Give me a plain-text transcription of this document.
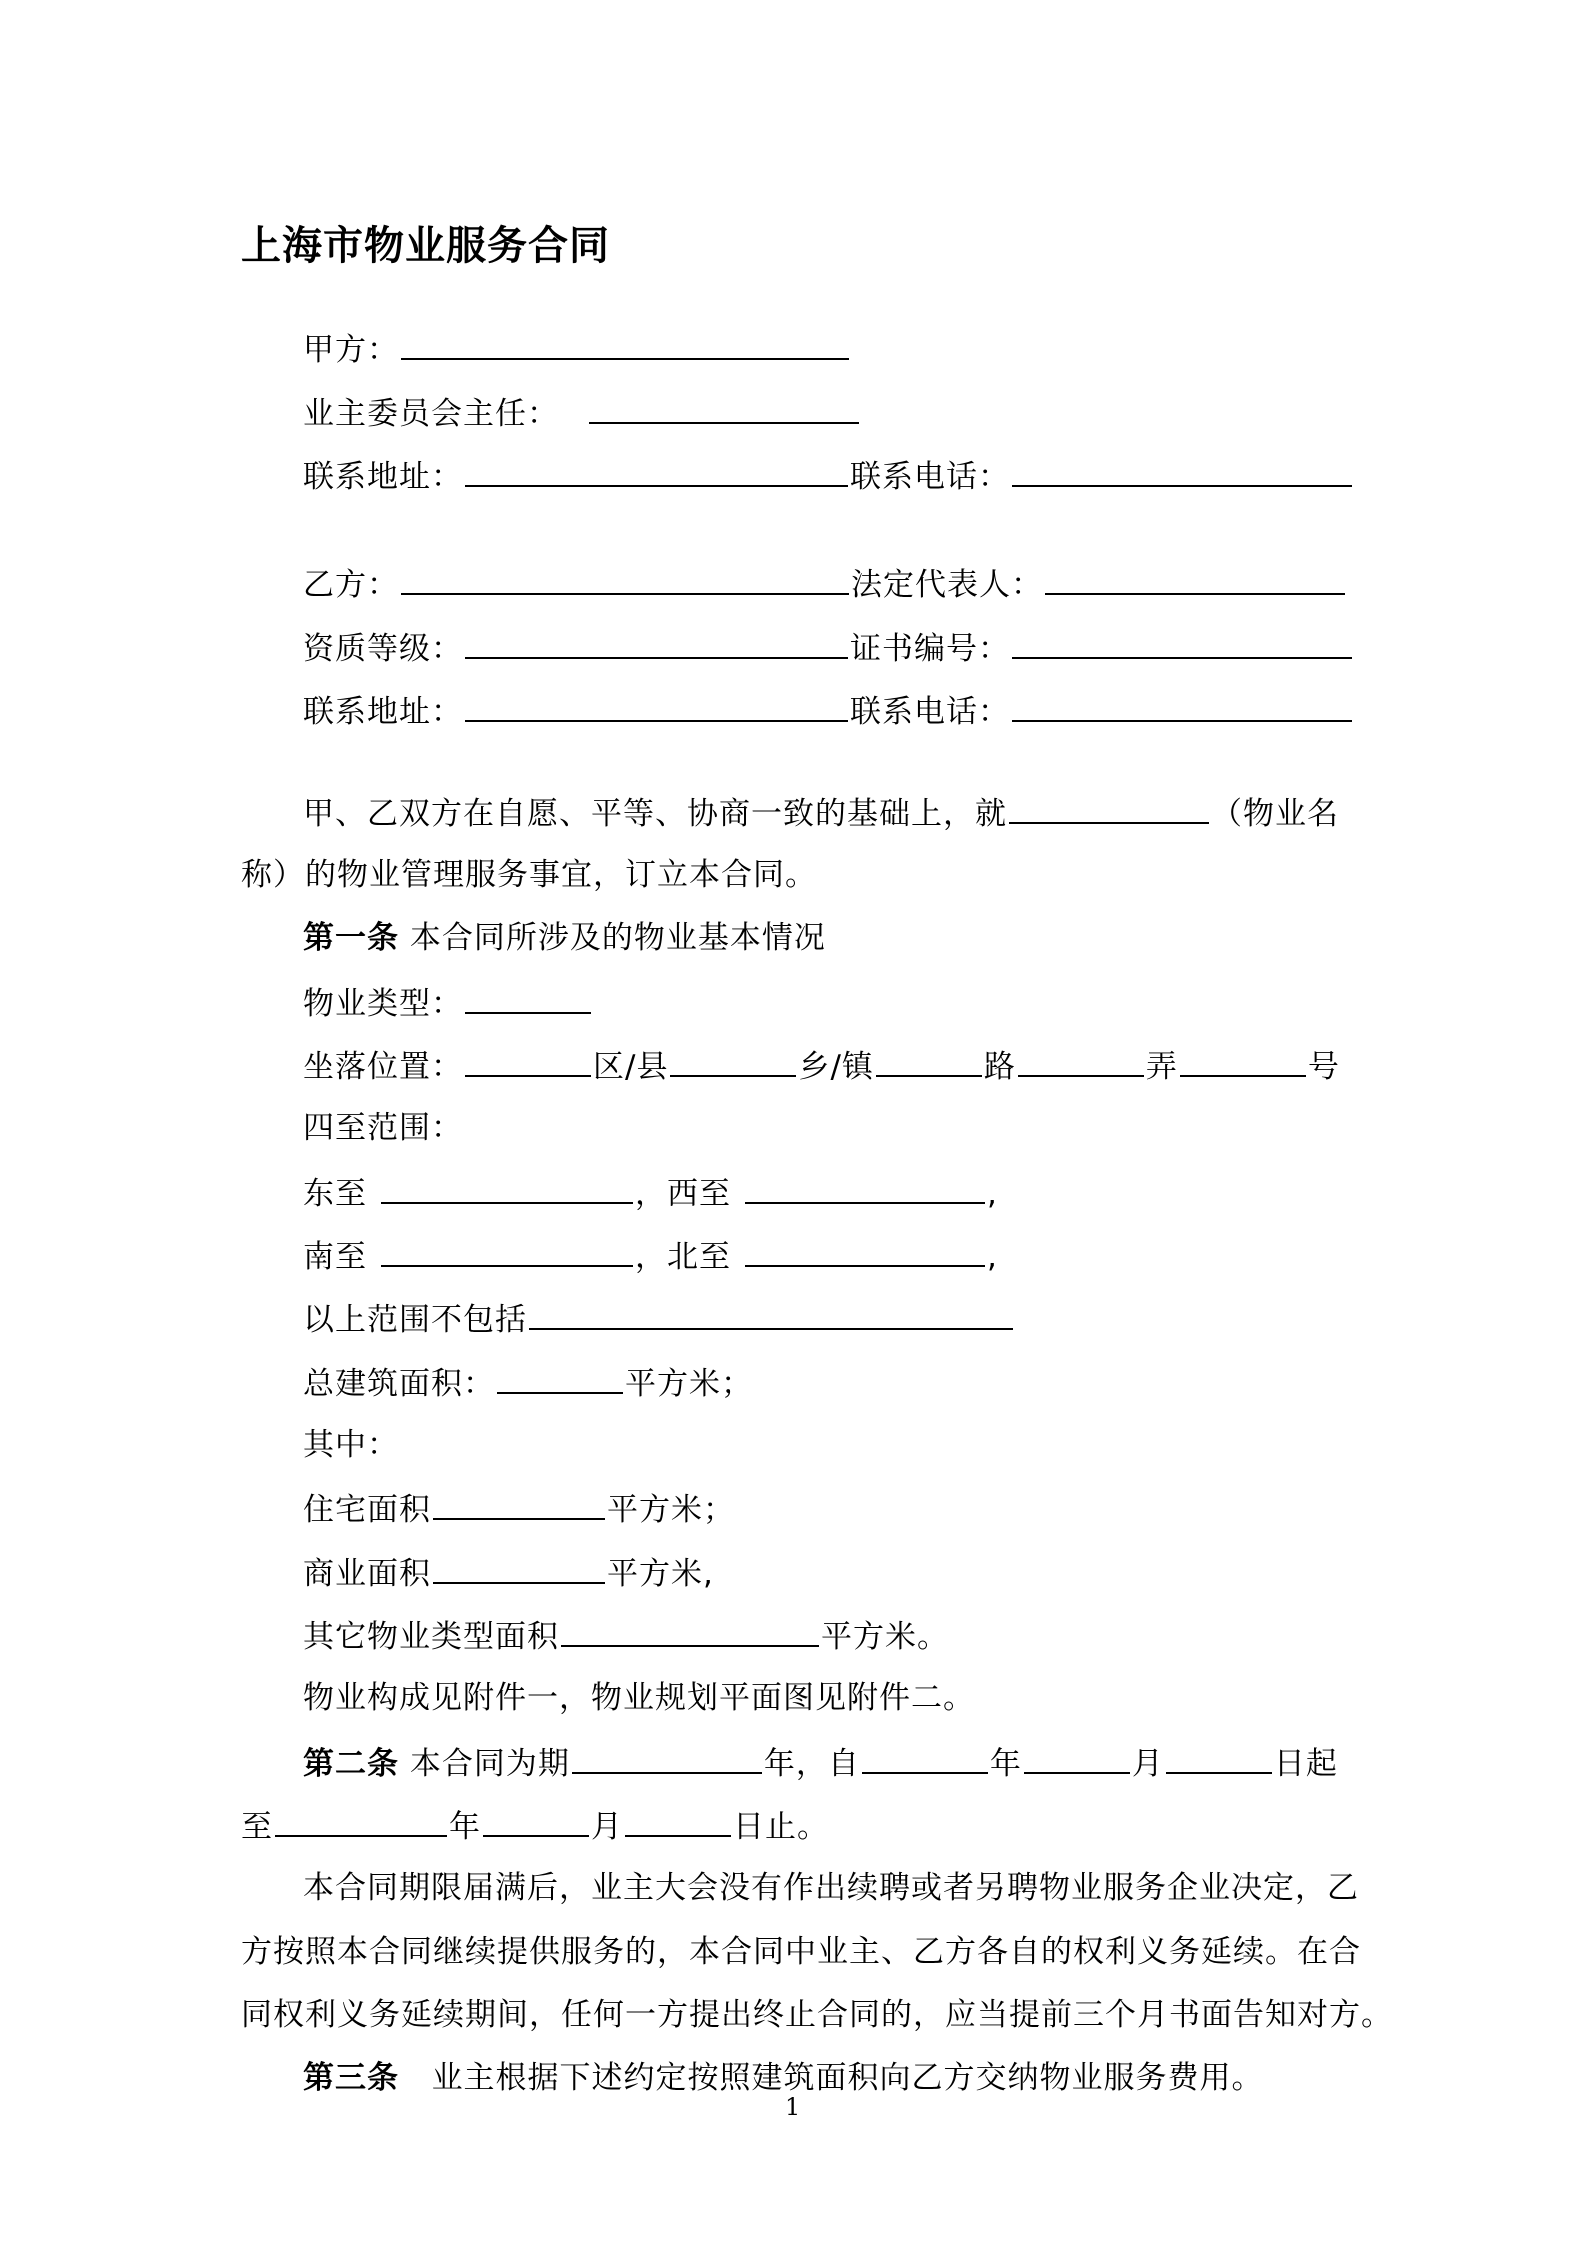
上海市物业服务合同
甲方：
业主委员会主任：
联系地址：	联系电话：
乙方：	法定代表人：
资质等级：	证书编号：
联系地址：	联系电话：
甲、乙双方在自愿、平等、协商一致的基础上，就	（物业名
称）的物业管理服务事宜，订立本合同。
第一条 本合同所涉及的物业基本情况
物业类型：
坐落位置：	区/县	乡/镇	路	弄	号
四至范围：
东至	，西至	,
南至	，北至	,
以上范围不包括
总建筑面积：	平方米；
其中：
住宅面积	平方米；
商业面积	平方米,
其它物业类型面积	平方米。
物业构成见附件一，物业规划平面图见附件二。
第二条 本合同为期	年，自	年	月	日起
至	年	月	日止。
本合同期限届满后，业主大会没有作出续聘或者另聘物业服务企业决定，乙
方按照本合同继续提供服务的，本合同中业主、乙方各自的权利义务延续。在合
同权利义务延续期间，任何一方提出终止合同的，应当提前三个月书面告知对方。
第三条 业主根据下述约定按照建筑面积向乙方交纳物业服务费用。
1
